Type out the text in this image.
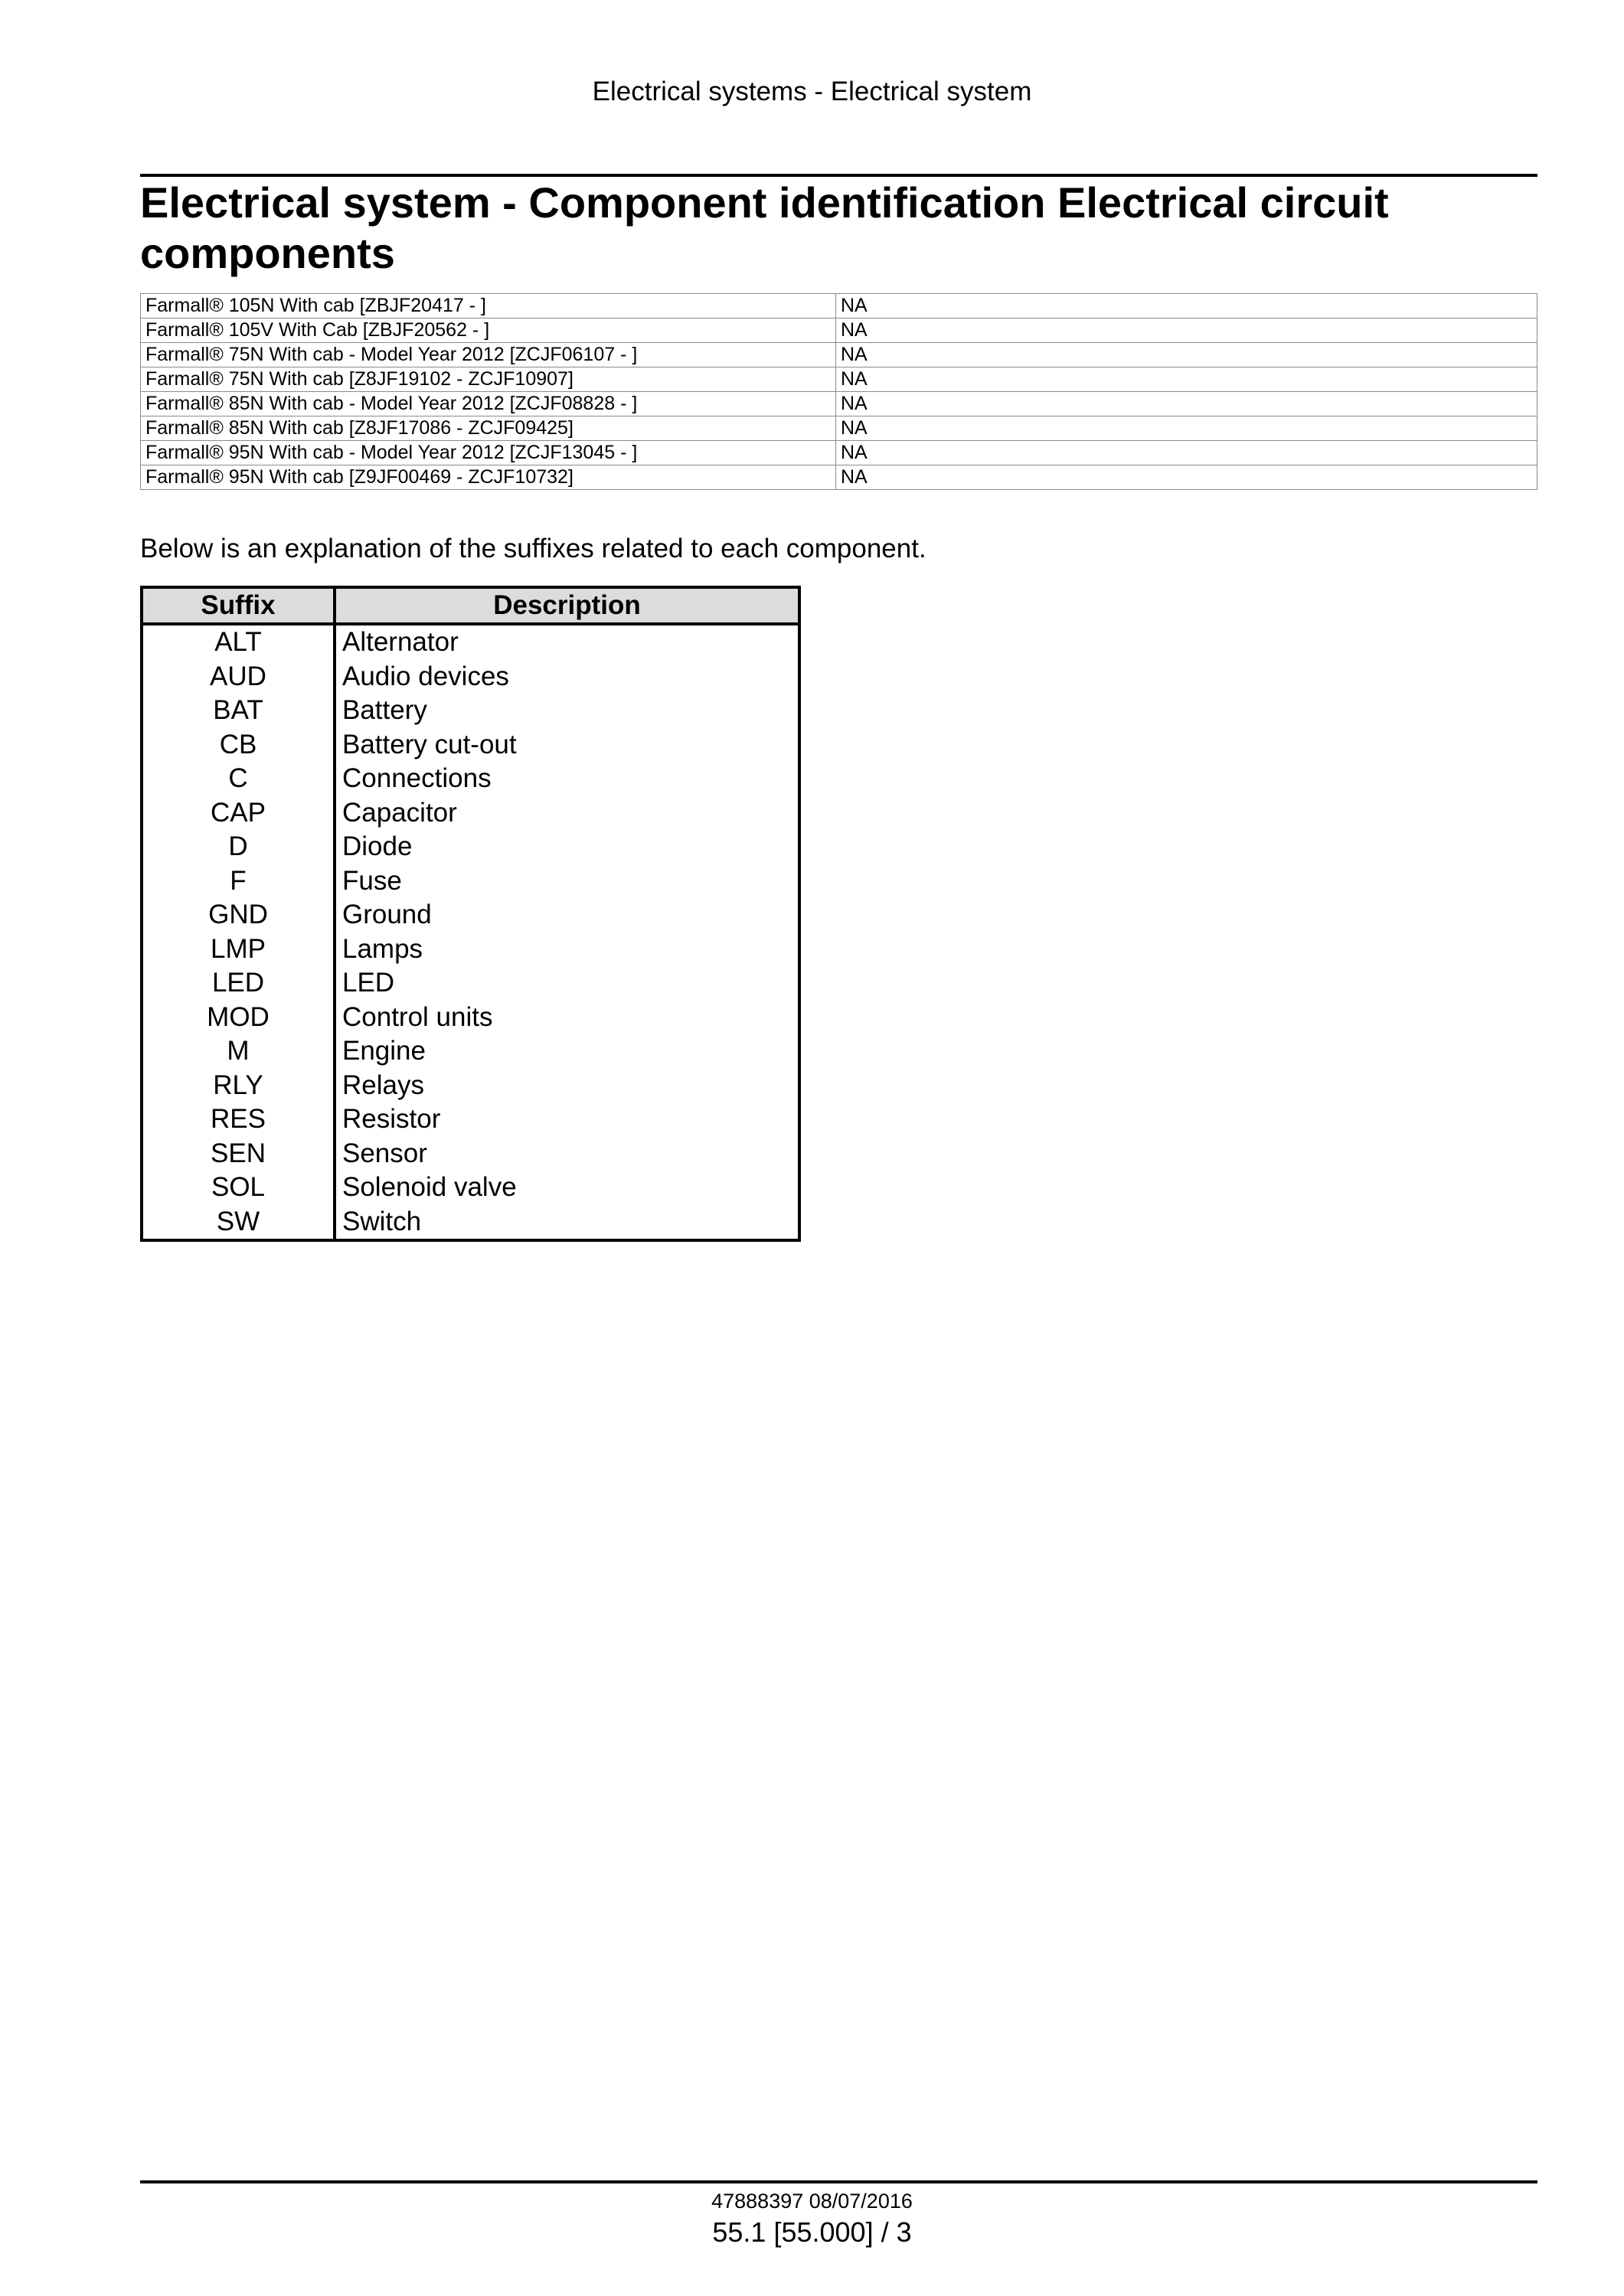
Electrical systems - Electrical system
Electrical system - Component identification Electrical circuit components
Farmall® 105N With cab [ZBJF20417 - ]	NA
Farmall® 105V With Cab [ZBJF20562 - ]	NA
Farmall® 75N With cab - Model Year 2012 [ZCJF06107 - ]	NA
Farmall® 75N With cab [Z8JF19102 - ZCJF10907]	NA
Farmall® 85N With cab - Model Year 2012 [ZCJF08828 - ]	NA
Farmall® 85N With cab [Z8JF17086 - ZCJF09425]	NA
Farmall® 95N With cab - Model Year 2012 [ZCJF13045 - ]	NA
Farmall® 95N With cab [Z9JF00469 - ZCJF10732]	NA
Below is an explanation of the suffixes related to each component.
Suffix	Description
ALT	Alternator
AUD	Audio devices
BAT	Battery
CB	Battery cut-out
C	Connections
CAP	Capacitor
D	Diode
F	Fuse
GND	Ground
LMP	Lamps
LED	LED
MOD	Control units
M	Engine
RLY	Relays
RES	Resistor
SEN	Sensor
SOL	Solenoid valve
SW	Switch
47888397 08/07/2016
55.1 [55.000] / 3
